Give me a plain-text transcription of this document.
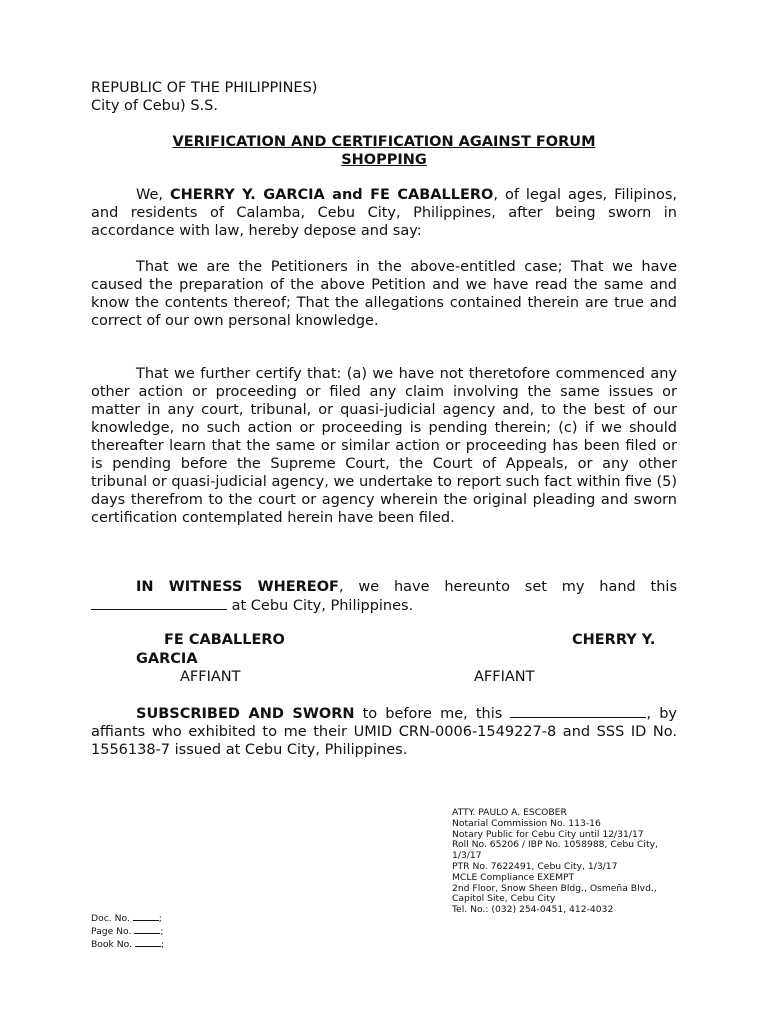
REPUBLIC OF THE PHILIPPINES)
City of Cebu) S.S.
VERIFICATION AND CERTIFICATION AGAINST FORUM
SHOPPING
We, CHERRY Y. GARCIA and FE CABALLERO, of legal ages, Filipinos, and residents of Calamba, Cebu City, Philippines, after being sworn in accordance with law, hereby depose and say:
That we are the Petitioners in the above-entitled case; That we have caused the preparation of the above Petition and we have read the same and know the contents thereof; That the allegations contained therein are true and correct of our own personal knowledge.
That we further certify that: (a) we have not theretofore commenced any other action or proceeding or filed any claim involving the same issues or matter in any court, tribunal, or quasi-judicial agency and, to the best of our knowledge, no such action or proceeding is pending therein; (c) if we should thereafter learn that the same or similar action or proceeding has been filed or is pending before the Supreme Court, the Court of Appeals, or any other tribunal or quasi-judicial agency, we undertake to report such fact within five (5) days therefrom to the court or agency wherein the original pleading and sworn certification contemplated herein have been filed.
IN WITNESS WHEREOF, we have hereunto set my hand this  at Cebu City, Philippines.
FE CABALLERO	CHERRY Y.
GARCIA
AFFIANT	AFFIANT
SUBSCRIBED AND SWORN to before me, this	, by affiants who exhibited to me their UMID CRN-0006-1549227-8 and SSS ID No. 1556138-7 issued at Cebu City, Philippines.
ATTY. PAULO A. ESCOBER
Notarial Commission No. 113-16
Notary Public for Cebu City until 12/31/17
Roll No. 65206 / IBP No. 1058988, Cebu City,
1/3/17
PTR No. 7622491, Cebu City, 1/3/17
MCLE Compliance EXEMPT
2nd Floor, Snow Sheen Bldg., Osmeña Blvd.,
Capitol Site, Cebu City
Tel. No.: (032) 254-0451, 412-4032
Doc. No.	;
Page No.	;
Book No.	;
